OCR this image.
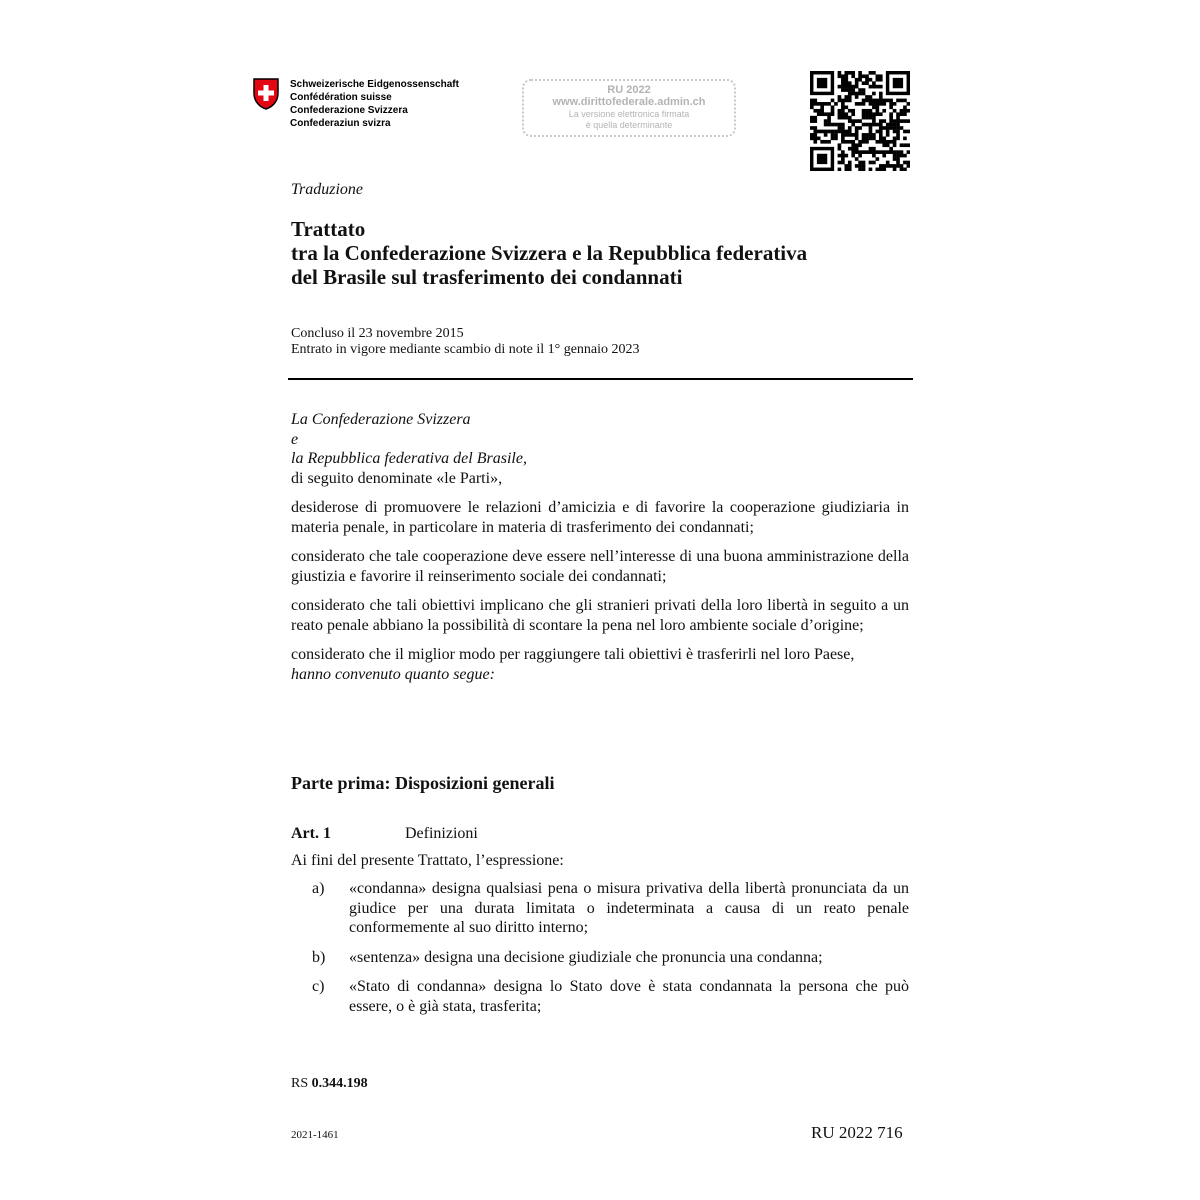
Schweizerische Eidgenossenschaft
Confédération suisse
Confederazione Svizzera
Confederaziun svizra
RU 2022
www.dirittofederale.admin.ch
La versione elettronica firmata
è quella determinante
Traduzione
Trattato
tra la Confederazione Svizzera e la Repubblica federativa
del Brasile sul trasferimento dei condannati
Concluso il 23 novembre 2015
Entrato in vigore mediante scambio di note il 1° gennaio 2023

La Confederazione Svizzera

e

la Repubblica federativa del Brasile,

di seguito denominate «le Parti»,

desiderose di promuovere le relazioni d’amicizia e di favorire la cooperazione giudiziaria in materia penale, in particolare in materia di trasferimento dei condannati;

considerato che tale cooperazione deve essere nell’interesse di una buona amministrazione della giustizia e favorire il reinserimento sociale dei condannati;

considerato che tali obiettivi implicano che gli stranieri privati della loro libertà in seguito a un reato penale abbiano la possibilità di scontare la pena nel loro ambiente sociale d’origine;

considerato che il miglior modo per raggiungere tali obiettivi è trasferirli nel loro Paese,

hanno convenuto quanto segue:

Parte prima: Disposizioni generali
Art. 1	Definizioni
Ai fini del presente Trattato, l’espressione:
a)	«condanna» designa qualsiasi pena o misura privativa della libertà pronunciata da un giudice per una durata limitata o indeterminata a causa di un reato penale conformemente al suo diritto interno;
b)	«sentenza» designa una decisione giudiziale che pronuncia una condanna;
c)	«Stato di condanna» designa lo Stato dove è stata condannata la persona che può essere, o è già stata, trasferita;
RS 0.344.198
2021-1461	RU 2022 716
